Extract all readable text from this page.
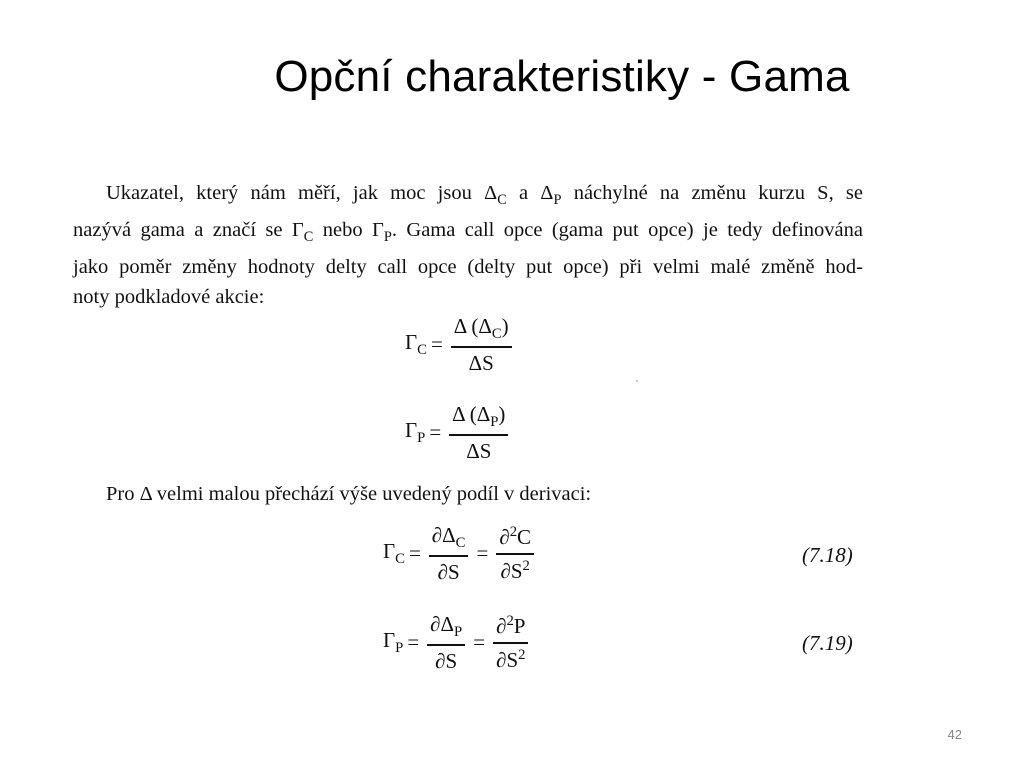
Opční charakteristiky - Gama
Ukazatel, který nám měří, jak moc jsou $\Delta_C$ a $\Delta_P$ náchylné na změnu kurzu S, se
nazývá gama a značí se $\Gamma_C$ nebo $\Gamma_P$. Gama call opce (gama put opce) je tedy definována
jako poměr změny hodnoty delty call opce (delty put opce) při velmi malé změně hod-
noty podkladové akcie:
$\Gamma_C = \frac{\Delta (\Delta_C)}{\Delta S}$
$\Gamma_P = \frac{\Delta (\Delta_P)}{\Delta S}$
Pro Δ velmi malou přechází výše uvedený podíl v derivaci:
$\Gamma_C = \frac{\partial\Delta_C}{\partial S} = \frac{\partial^2C}{\partial S^2}$	(7.18)
$\Gamma_P = \frac{\partial\Delta_P}{\partial S} = \frac{\partial^2P}{\partial S^2}$	(7.19)
42
